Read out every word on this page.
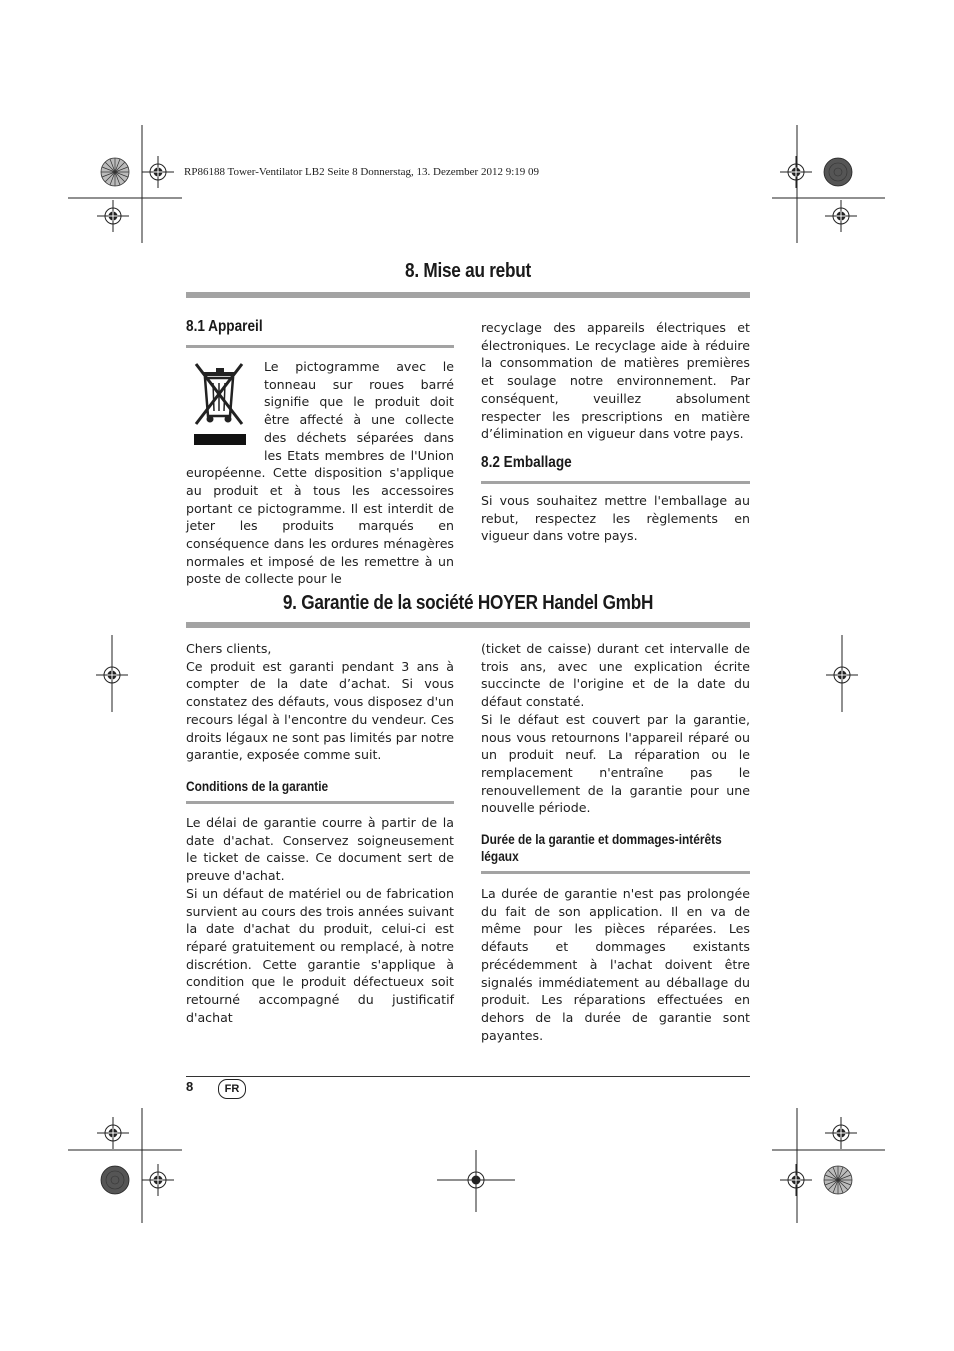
RP86188 Tower-Ventilator LB2 Seite 8 Donnerstag, 13. Dezember 2012 9:19 09
8. Mise au rebut
8.1 Appareil

Le pictogramme avec le tonneau sur roues barré signifie que le produit doit être affecté à une collecte des déchets séparées dans les Etats membres de l'Union européenne. Cette disposition s'applique au produit et à tous les accessoires portant ce pictogramme. Il est interdit de jeter les produits marqués en conséquence dans les ordures ménagères normales et imposé de les remettre à un poste de collecte pour le

recyclage des appareils électriques et électroniques. Le recyclage aide à réduire la consommation de matières premières et soulage notre environnement. Par conséquent, veuillez absolument respecter les prescriptions en matière d’élimination en vigueur dans votre pays.

8.2 Emballage

Si vous souhaitez mettre l'emballage au rebut, respectez les règlements en vigueur dans votre pays.

9. Garantie de la société HOYER Handel GmbH

Chers clients,

Ce produit est garanti pendant 3 ans à compter de la date d’achat. Si vous constatez des défauts, vous disposez d'un recours légal à l'encontre du vendeur. Ces droits légaux ne sont pas limités par notre garantie, exposée comme suit.

Conditions de la garantie

Le délai de garantie courre à partir de la date d'achat. Conservez soigneusement le ticket de caisse. Ce document sert de preuve d'achat.

Si un défaut de matériel ou de fabrication survient au cours des trois années suivant la date d'achat du produit, celui-ci est réparé gratuitement ou remplacé, à notre discrétion. Cette garantie s'applique à condition que le produit défectueux soit retourné accompagné du justificatif d'achat

(ticket de caisse) durant cet intervalle de trois ans, avec une explication écrite succincte de l'origine et de la date du défaut constaté.

Si le défaut est couvert par la garantie, nous vous retournons l'appareil réparé ou un produit neuf. La réparation ou le remplacement n'entraîne pas le renouvellement de la garantie pour une nouvelle période.

Durée de la garantie et dommages-intérêts légaux

La durée de garantie n'est pas prolongée du fait de son application. Il en va de même pour les pièces réparées. Les défauts et dommages existants précédemment à l'achat doivent être signalés immédiatement au déballage du produit. Les réparations effectuées en dehors de la durée de garantie sont payantes.

8	FR
